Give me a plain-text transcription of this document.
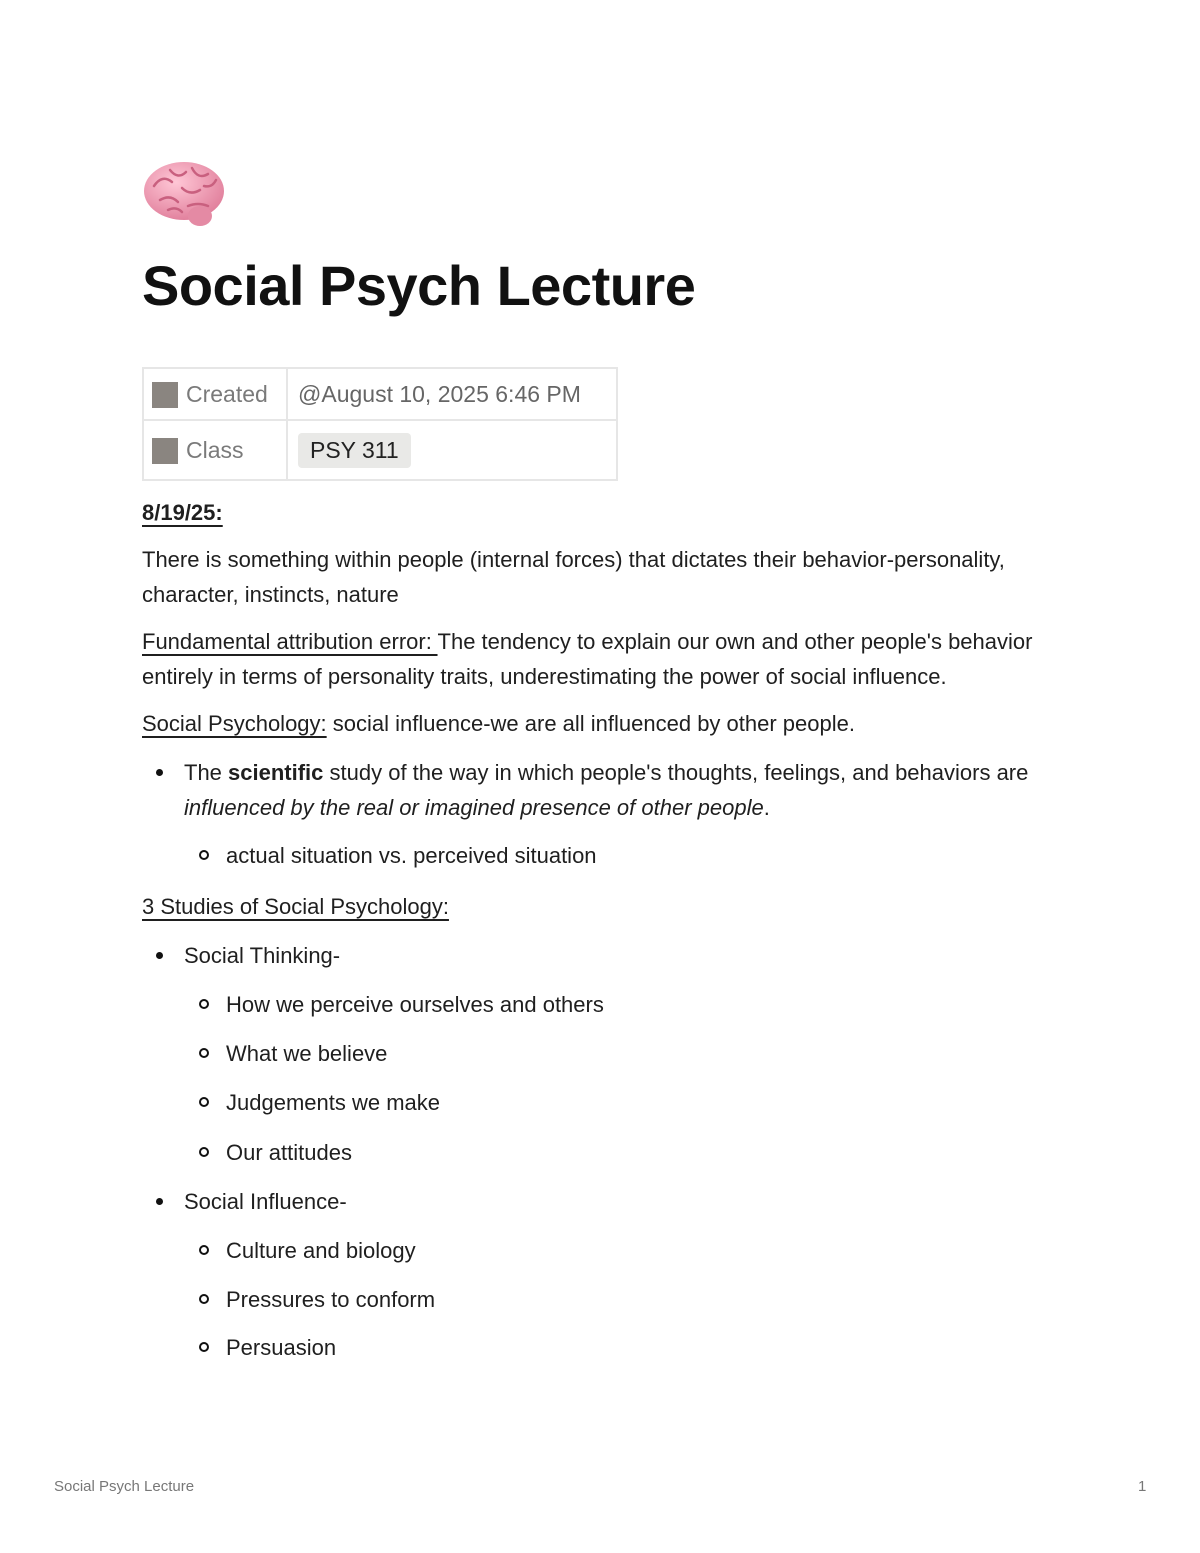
Social Psych Lecture
Created	@August 10, 2025 6:46 PM
Class	PSY 311

8/19/25:

There is something within people (internal forces) that dictates their behavior-personality, character, instincts, nature

Fundamental attribution error: The tendency to explain our own and other people's behavior entirely in terms of personality traits, underestimating the power of social influence.

Social Psychology: social influence-we are all influenced by other people.

The scientific study of the way in which people's thoughts, feelings, and behaviors are influenced by the real or imagined presence of other people.
actual situation vs. perceived situation

3 Studies of Social Psychology:

Social Thinking-
How we perceive ourselves and others
What we believe
Judgements we make
Our attitudes
Social Influence-
Culture and biology
Pressures to conform
Persuasion
Social Psych Lecture	1
